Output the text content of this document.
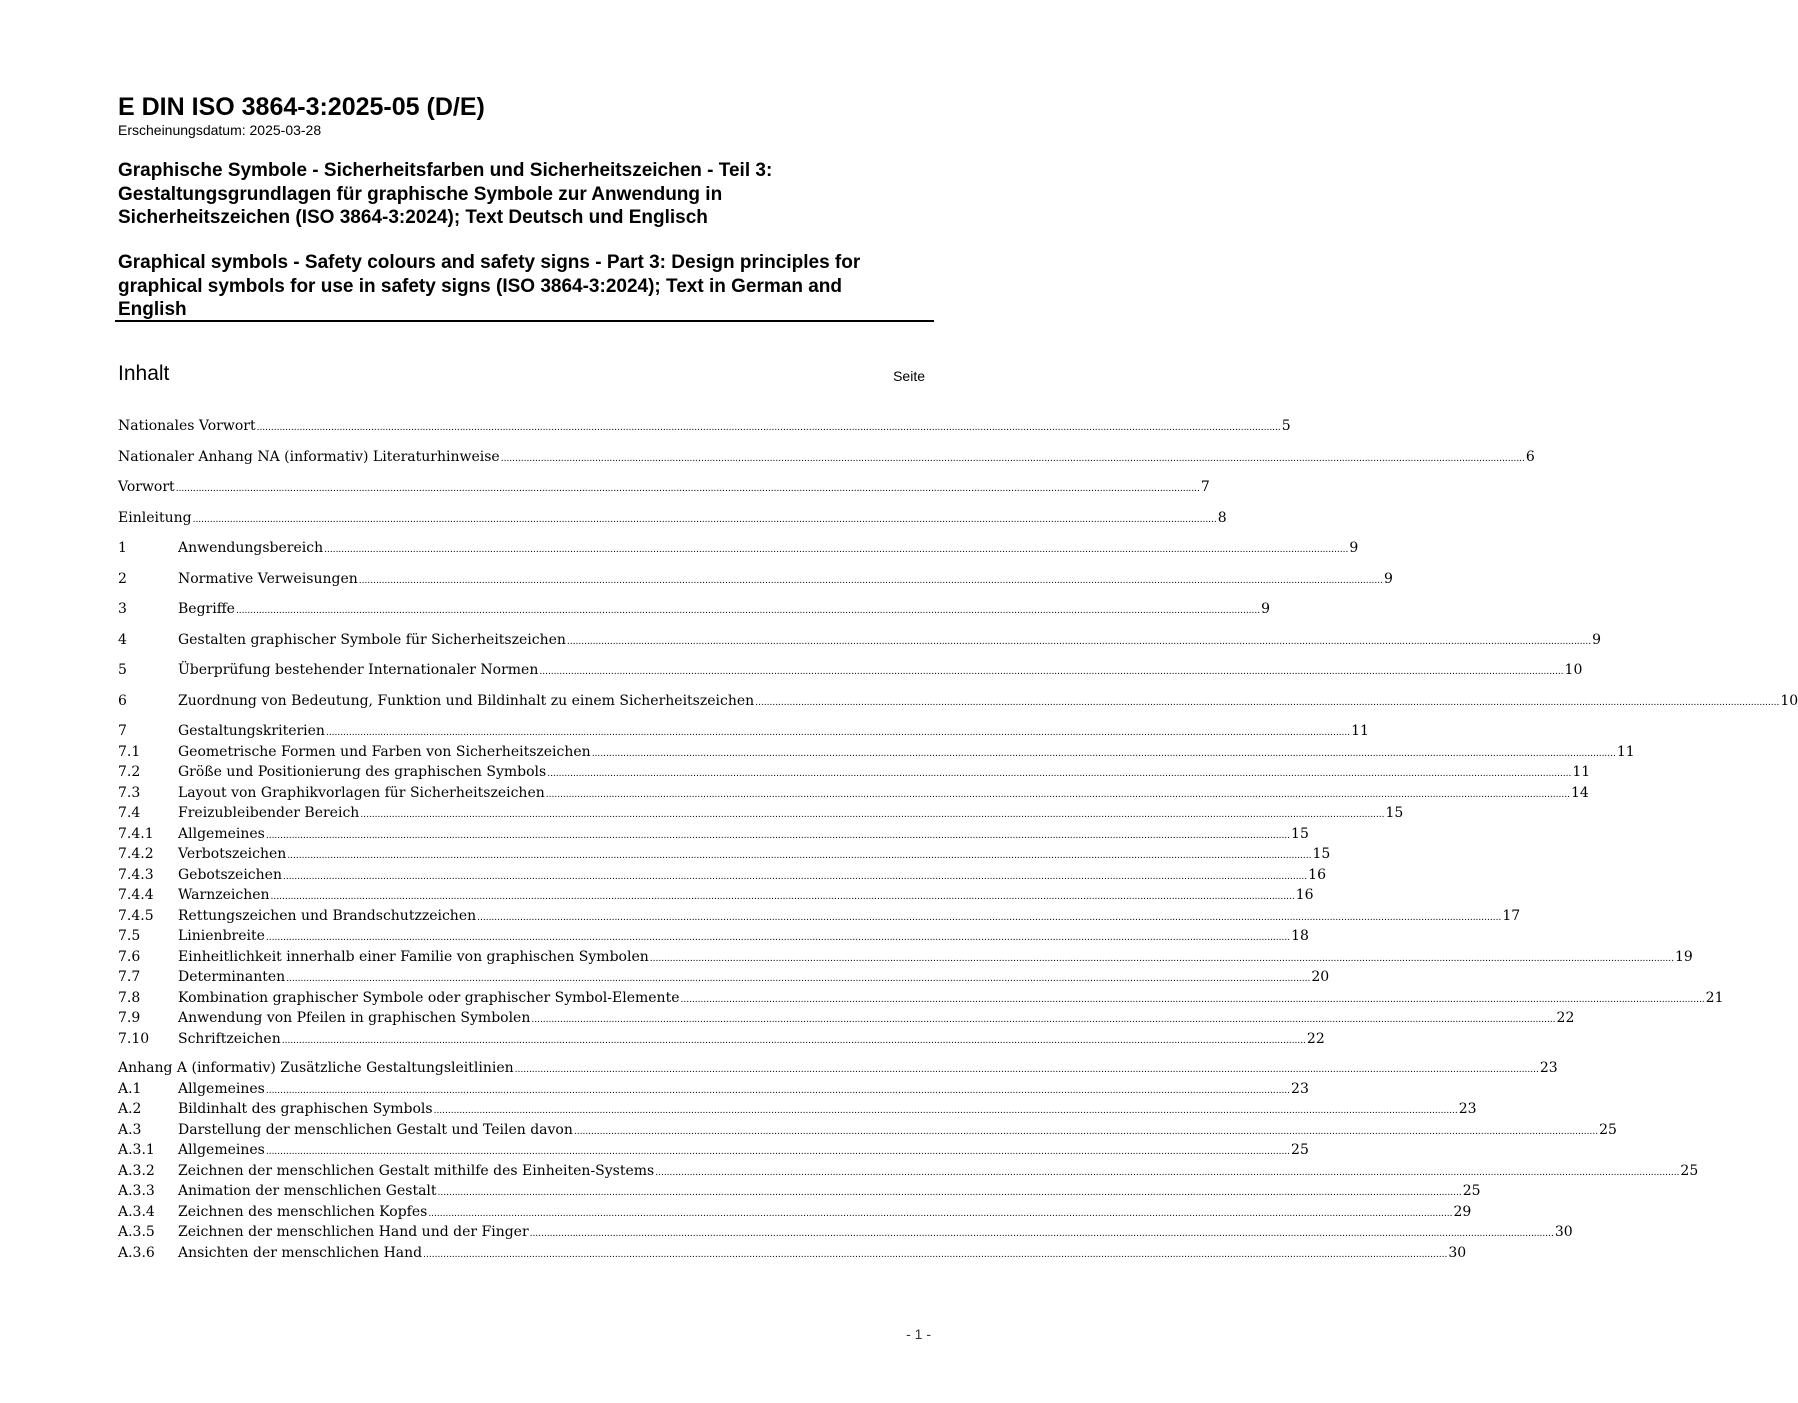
E DIN ISO 3864-3:2025-05 (D/E)
Erscheinungsdatum: 2025-03-28
Graphische Symbole - Sicherheitsfarben und Sicherheitszeichen - Teil 3:
Gestaltungsgrundlagen für graphische Symbole zur Anwendung in
Sicherheitszeichen (ISO 3864-3:2024); Text Deutsch und Englisch
Graphical symbols - Safety colours and safety signs - Part 3: Design principles for
graphical symbols for use in safety signs (ISO 3864-3:2024); Text in German and
English
Inhalt	Seite
Nationales Vorwort .....	5
Nationaler Anhang NA (informativ) Literaturhinweise .....	6
Vorwort .....	7
Einleitung .....	8
1	Anwendungsbereich .....	9
2	Normative Verweisungen .....	9
3	Begriffe .....	9
4	Gestalten graphischer Symbole für Sicherheitszeichen .....	9
5	Überprüfung bestehender Internationaler Normen .....	10
6	Zuordnung von Bedeutung, Funktion und Bildinhalt zu einem Sicherheitszeichen .....	10
7	Gestaltungskriterien .....	11
7.1	Geometrische Formen und Farben von Sicherheitszeichen .....	11
7.2	Größe und Positionierung des graphischen Symbols .....	11
7.3	Layout von Graphikvorlagen für Sicherheitszeichen .....	14
7.4	Freizubleibender Bereich .....	15
7.4.1	Allgemeines .....	15
7.4.2	Verbotszeichen .....	15
7.4.3	Gebotszeichen .....	16
7.4.4	Warnzeichen .....	16
7.4.5	Rettungszeichen und Brandschutzzeichen .....	17
7.5	Linienbreite .....	18
7.6	Einheitlichkeit innerhalb einer Familie von graphischen Symbolen .....	19
7.7	Determinanten .....	20
7.8	Kombination graphischer Symbole oder graphischer Symbol-Elemente .....	21
7.9	Anwendung von Pfeilen in graphischen Symbolen .....	22
7.10	Schriftzeichen .....	22
Anhang A (informativ) Zusätzliche Gestaltungsleitlinien .....	23
A.1	Allgemeines .....	23
A.2	Bildinhalt des graphischen Symbols .....	23
A.3	Darstellung der menschlichen Gestalt und Teilen davon .....	25
A.3.1	Allgemeines .....	25
A.3.2	Zeichnen der menschlichen Gestalt mithilfe des Einheiten-Systems .....	25
A.3.3	Animation der menschlichen Gestalt .....	25
A.3.4	Zeichnen des menschlichen Kopfes .....	29
A.3.5	Zeichnen der menschlichen Hand und der Finger .....	30
A.3.6	Ansichten der menschlichen Hand .....	30
- 1 -
